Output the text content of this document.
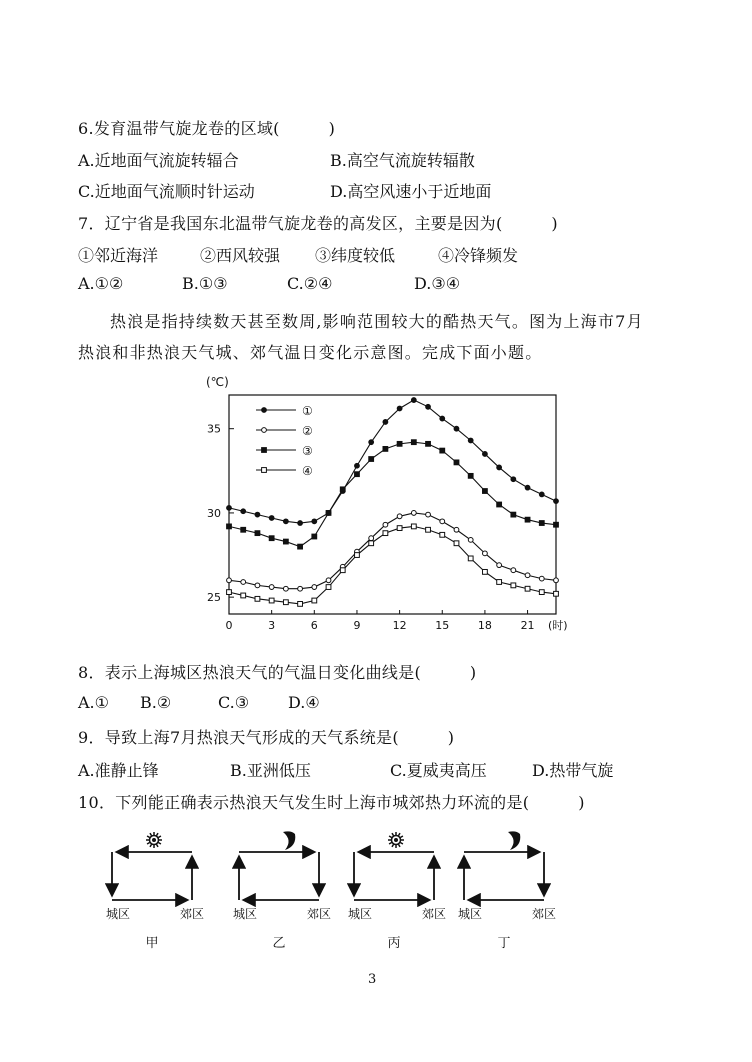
6.发育温带气旋龙卷的区域(　　　)
A.近地面气流旋转辐合	B.高空气流旋转辐散
C.近地面气流顺时针运动	D.高空风速小于近地面
7．辽宁省是我国东北温带气旋龙卷的高发区，主要是因为(　　　)
①邻近海洋	②西风较强 ③纬度较低	④冷锋频发
A.①②	B.①③	C.②④	D.③④
热浪是指持续数天甚至数周,影响范围较大的酷热天气。图为上海市7月
热浪和非热浪天气城、郊气温日变化示意图。完成下面小题。
25
30
35
0	3	6	9	12	15	18	21
(℃)
(时)
①
②
③
④
8．表示上海城区热浪天气的气温日变化曲线是(　　　)
A.① B.②	C.③ D.④
9．导致上海7月热浪天气形成的天气系统是(　　　)
A.准静止锋	B.亚洲低压	C.夏威夷高压	D.热带气旋
10．下列能正确表示热浪天气发生时上海市城郊热力环流的是(　　　)
城区	郊区
甲
城区	郊区
乙
城区	郊区
丙
城区	郊区
丁
3
